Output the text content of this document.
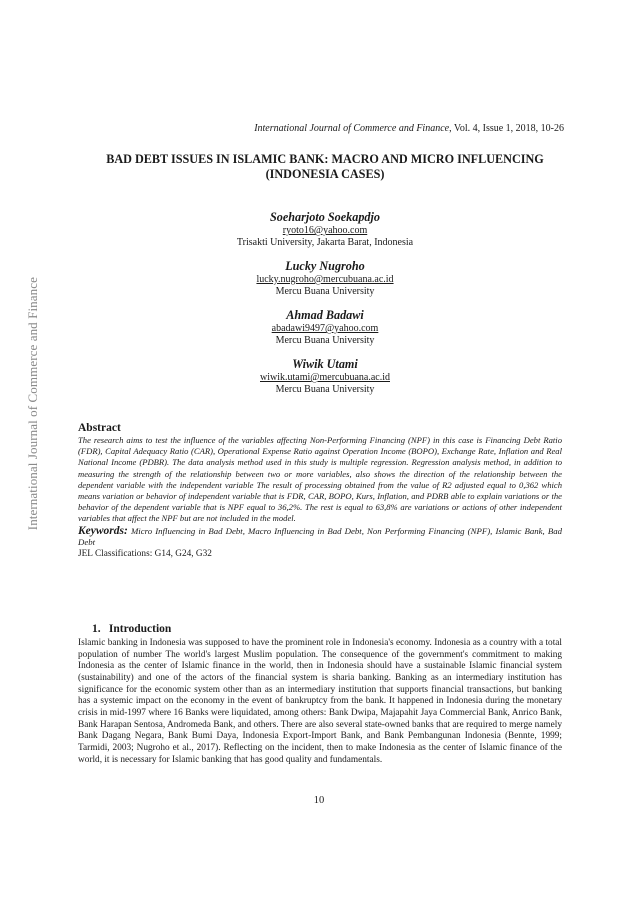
International Journal of Commerce and Finance
International Journal of Commerce and Finance, Vol. 4, Issue 1, 2018, 10-26
BAD DEBT ISSUES IN ISLAMIC BANK: MACRO AND MICRO INFLUENCING
(INDONESIA CASES)
Soeharjoto Soekapdjo
ryoto16@yahoo.com
Trisakti University, Jakarta Barat, Indonesia
Lucky Nugroho
lucky.nugroho@mercubuana.ac.id
Mercu Buana University
Ahmad Badawi
abadawi9497@yahoo.com
Mercu Buana University
Wiwik Utami
wiwik.utami@mercubuana.ac.id
Mercu Buana University
Abstract

The research aims to test the influence of the variables affecting Non-Performing Financing (NPF) in this case is Financing Debt Ratio (FDR), Capital Adequacy Ratio (CAR), Operational Expense Ratio against Operation Income (BOPO), Exchange Rate, Inflation and Real National Income (PDBR). The data analysis method used in this study is multiple regression. Regression analysis method, in addition to measuring the strength of the relationship between two or more variables, also shows the direction of the relationship between the dependent variable with the independent variable The result of processing obtained from the value of R2 adjusted equal to 0,362 which means variation or behavior of independent variable that is FDR, CAR, BOPO, Kurs, Inflation, and PDRB able to explain variations or the behavior of the dependent variable that is NPF equal to 36,2%. The rest is equal to 63,8% are variations or actions of other independent variables that affect the NPF but are not included in the model.

Keywords: Micro Influencing in Bad Debt, Macro Influencing in Bad Debt, Non Performing Financing (NPF), Islamic Bank, Bad Debt

JEL Classifications: G14, G24, G32

1. Introduction

Islamic banking in Indonesia was supposed to have the prominent role in Indonesia's economy. Indonesia as a country with a total population of number The world's largest Muslim population. The consequence of the government's commitment to making Indonesia as the center of Islamic finance in the world, then in Indonesia should have a sustainable Islamic financial system (sustainability) and one of the actors of the financial system is sharia banking. Banking as an intermediary institution has significance for the economic system other than as an intermediary institution that supports financial transactions, but banking has a systemic impact on the economy in the event of bankruptcy from the bank. It happened in Indonesia during the monetary crisis in mid-1997 where 16 Banks were liquidated, among others: Bank Dwipa, Majapahit Jaya Commercial Bank, Anrico Bank, Bank Harapan Sentosa, Andromeda Bank, and others. There are also several state-owned banks that are required to merge namely Bank Dagang Negara, Bank Bumi Daya, Indonesia Export-Import Bank, and Bank Pembangunan Indonesia (Bennte, 1999; Tarmidi, 2003; Nugroho et al., 2017). Reflecting on the incident, then to make Indonesia as the center of Islamic finance of the world, it is necessary for Islamic banking that has good quality and fundamentals.

10
